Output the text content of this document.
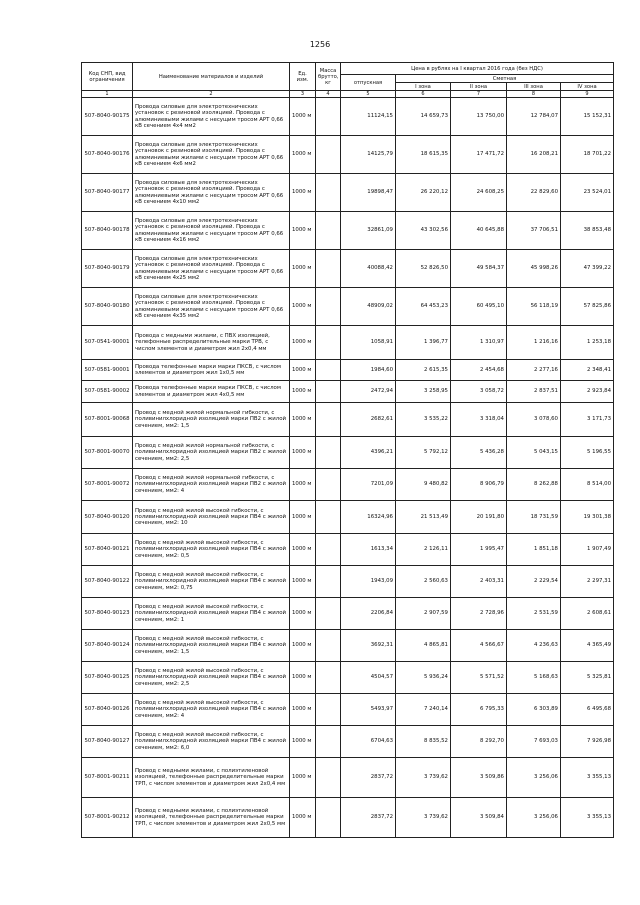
1256
Код СНП, вид ограничения	Наименование материалов и изделий	Ед. изм.	Масса брутто, кг	Цена в рублях на I квартал 2016 года (без НДС)				
				отпускная	Сметная			
					I зона	II зона	III зона	IV зона
1	2	3	4	5	6	7	8	9
507-8040-90175	Провода силовые для электротехнических установок с резиновой изоляцией. Провода с алюминиевыми жилами с несущим тросом АРТ 0,66 кВ сечением 4х4 мм2	1000 м		11124,15	14 659,73	13 750,00	12 784,07	15 152,31
507-8040-90176	Провода силовые для электротехнических установок с резиновой изоляцией. Провода с алюминиевыми жилами с несущим тросом АРТ 0,66 кВ сечением 4х6 мм2	1000 м		14125,79	18 615,35	17 471,72	16 208,21	18 701,22
507-8040-90177	Провода силовые для электротехнических установок с резиновой изоляцией. Провода с алюминиевыми жилами с несущим тросом АРТ 0,66 кВ сечением 4х10 мм2	1000 м		19898,47	26 220,12	24 608,25	22 829,60	23 524,01
507-8040-90178	Провода силовые для электротехнических установок с резиновой изоляцией. Провода с алюминиевыми жилами с несущим тросом АРТ 0,66 кВ сечением 4х16 мм2	1000 м		32861,09	43 302,56	40 645,88	37 706,51	38 853,48
507-8040-90179	Провода силовые для электротехнических установок с резиновой изоляцией. Провода с алюминиевыми жилами с несущим тросом АРТ 0,66 кВ сечением 4х25 мм2	1000 м		40088,42	52 826,50	49 584,37	45 998,26	47 399,22
507-8040-90180	Провода силовые для электротехнических установок с резиновой изоляцией. Провода с алюминиевыми жилами с несущим тросом АРТ 0,66 кВ сечением 4х35 мм2	1000 м		48909,02	64 453,23	60 495,10	56 118,19	57 825,86
507-0541-90001	Провода с медными жилами, с ПВХ изоляцией, телефонные распределительные марки ТРВ, с числом элементов и диаметром жил 2х0,4 мм	1000 м		1058,91	1 396,77	1 310,97	1 216,16	1 253,18
507-0581-90001	Провода телефонные марки марки ПКСВ, с числом элементов и диаметром жил 1х0,5 мм	1000 м		1984,60	2 615,35	2 454,68	2 277,16	2 348,41
507-0581-90002	Провода телефонные марки марки ПКСВ, с числом элементов и диаметром жил 4х0,5 мм	1000 м		2472,94	3 258,95	3 058,72	2 837,51	2 923,84
507-8001-90068	Провод с медной жилой нормальной гибкости, с поливинилхлоридной изоляцией марки ПВ2 с жилой сечением, мм2: 1,5	1000 м		2682,61	3 535,22	3 318,04	3 078,60	3 171,73
507-8001-90070	Провод с медной жилой нормальной гибкости, с поливинилхлоридной изоляцией марки ПВ2 с жилой сечением, мм2: 2,5	1000 м		4396,21	5 792,12	5 436,28	5 043,15	5 196,55
507-8001-90072	Провод с медной жилой нормальной гибкости, с поливинилхлоридной изоляцией марки ПВ2 с жилой сечением, мм2: 4	1000 м		7201,09	9 480,82	8 906,79	8 262,88	8 514,00
507-8040-90120	Провод с медной жилой высокой гибкости, с поливинилхлоридной изоляцией марки ПВ4 с жилой сечением, мм2: 10	1000 м		16324,96	21 513,49	20 191,80	18 731,59	19 301,38
507-8040-90121	Провод с медной жилой высокой гибкости, с поливинилхлоридной изоляцией марки ПВ4 с жилой сечением, мм2: 0,5	1000 м		1613,34	2 126,11	1 995,47	1 851,18	1 907,49
507-8040-90122	Провод с медной жилой высокой гибкости, с поливинилхлоридной изоляцией марки ПВ4 с жилой сечением, мм2: 0,75	1000 м		1943,09	2 560,63	2 403,31	2 229,54	2 297,31
507-8040-90123	Провод с медной жилой высокой гибкости, с поливинилхлоридной изоляцией марки ПВ4 с жилой сечением, мм2: 1	1000 м		2206,84	2 907,59	2 728,96	2 531,59	2 608,61
507-8040-90124	Провод с медной жилой высокой гибкости, с поливинилхлоридной изоляцией марки ПВ4 с жилой сечением, мм2: 1,5	1000 м		3692,31	4 865,81	4 566,67	4 236,63	4 365,49
507-8040-90125	Провод с медной жилой высокой гибкости, с поливинилхлоридной изоляцией марки ПВ4 с жилой сечением, мм2: 2,5	1000 м		4504,57	5 936,24	5 571,52	5 168,63	5 325,81
507-8040-90126	Провод с медной жилой высокой гибкости, с поливинилхлоридной изоляцией марки ПВ4 с жилой сечением, мм2: 4	1000 м		5493,97	7 240,14	6 795,33	6 303,89	6 495,68
507-8040-90127	Провод с медной жилой высокой гибкости, с поливинилхлоридной изоляцией марки ПВ4 с жилой сечением, мм2: 6,0	1000 м		6704,63	8 835,52	8 292,70	7 693,03	7 926,98
507-8001-90211	Провод с медными жилами, с полиэтиленовой изоляцией, телефонные распределительные марки ТРП, с числом элементов и диаметром жил 2х0,4 мм	1000 м		2837,72	3 739,62	3 509,86	3 256,06	3 355,13
507-8001-90212	Провод с медными жилами, с полиэтиленовой изоляцией, телефонные распределительные марки ТРП, с числом элементов и диаметром жил 2х0,5 мм	1000 м		2837,72	3 739,62	3 509,84	3 256,06	3 355,13
